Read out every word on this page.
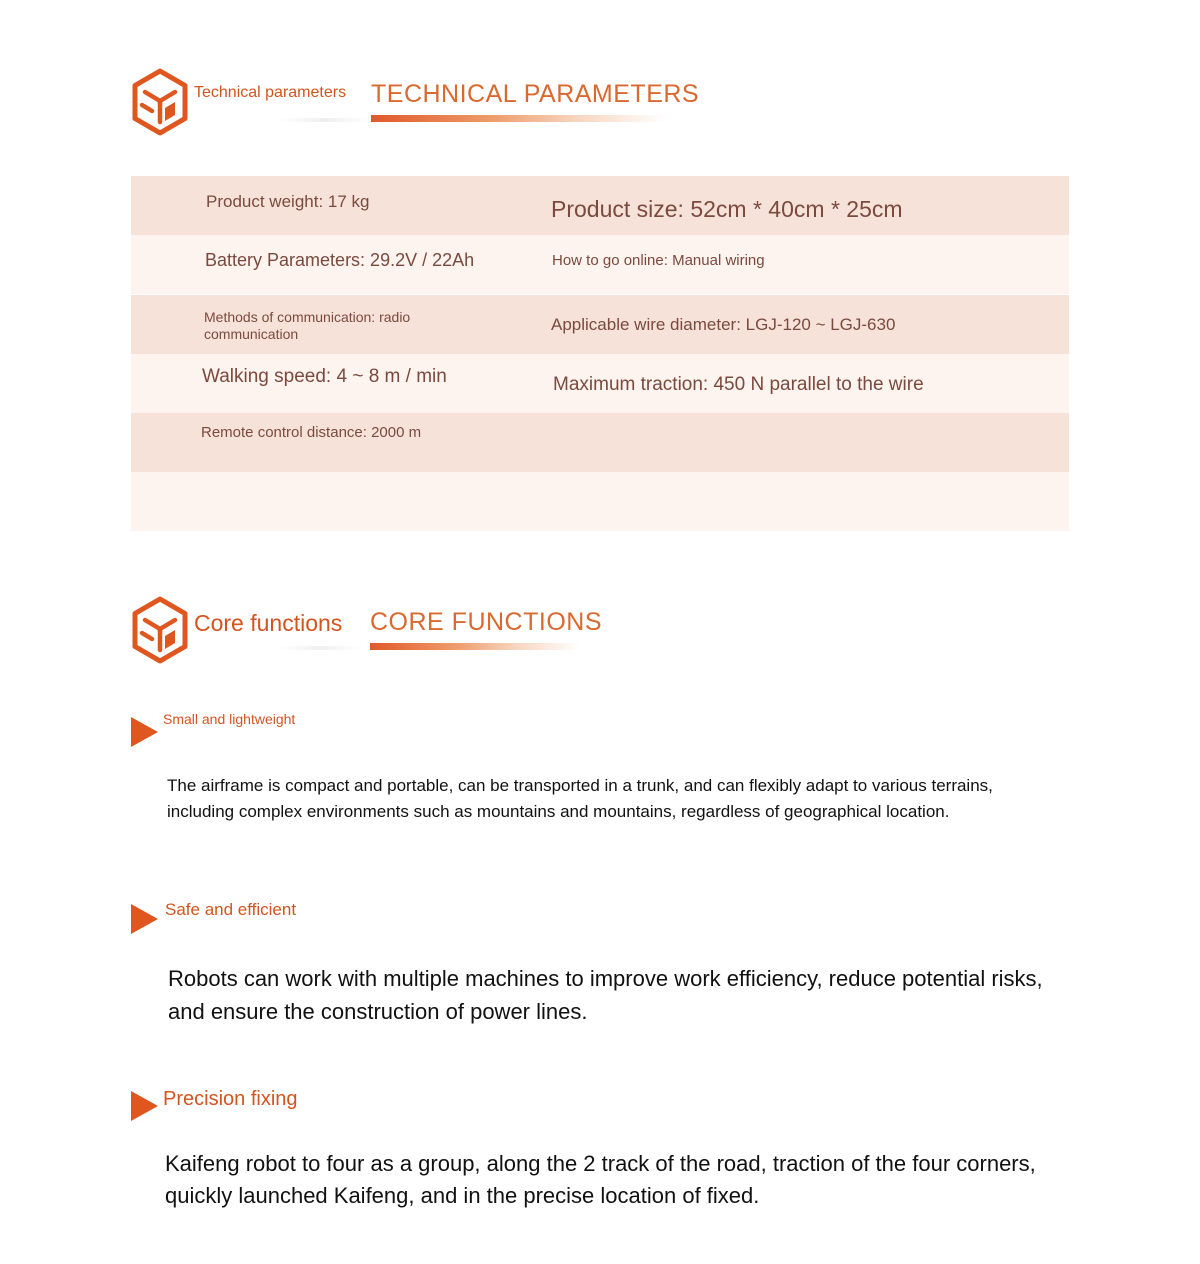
Technical parameters TECHNICAL PARAMETERS
Product weight: 17 kg	Product size: 52cm * 40cm * 25cm
Battery Parameters: 29.2V / 22Ah	How to go online: Manual wiring
Methods of communication: radio communication	Applicable wire diameter: LGJ-120 ~ LGJ-630
Walking speed: 4 ~ 8 m / min	Maximum traction: 450 N parallel to the wire
Remote control distance: 2000 m
Core functions CORE FUNCTIONS
Small and lightweight
The airframe is compact and portable, can be transported in a trunk, and can flexibly adapt to various terrains, including complex environments such as mountains and mountains, regardless of geographical location.
Safe and efficient
Robots can work with multiple machines to improve work efficiency, reduce potential risks, and ensure the construction of power lines.
Precision fixing
Kaifeng robot to four as a group, along the 2 track of the road, traction of the four corners, quickly launched Kaifeng, and in the precise location of fixed.
